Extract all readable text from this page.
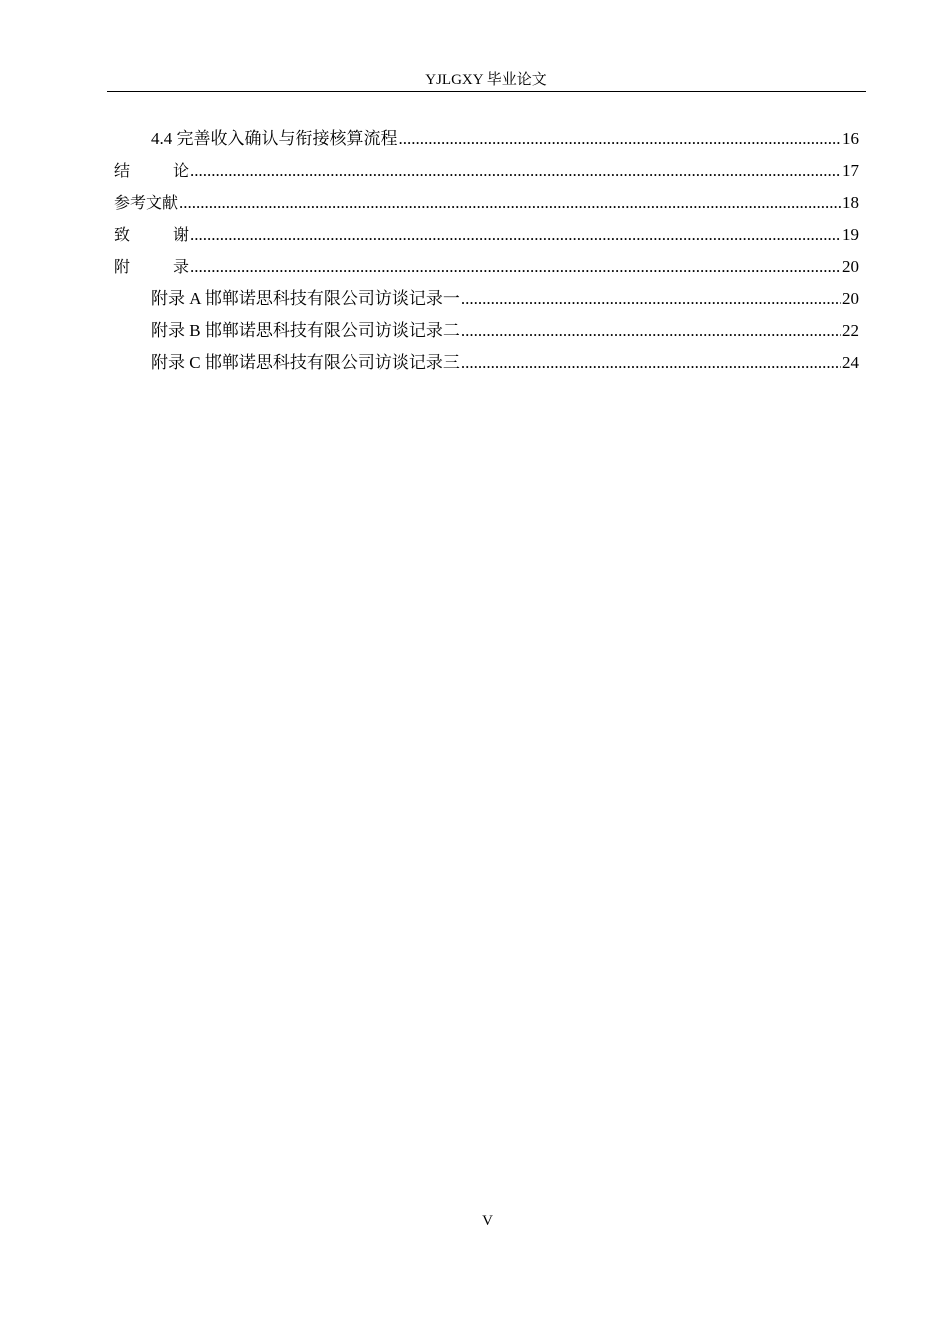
YJLGXY 毕业论文
4.4 完善收入确认与衔接核算流程 .....	16
结论 .....	17
参考文献 .....	18
致谢 .....	19
附录 .....	20
附录 A 邯郸诺思科技有限公司访谈记录一 .....	20
附录 B 邯郸诺思科技有限公司访谈记录二 .....	22
附录 C 邯郸诺思科技有限公司访谈记录三 .....	24
V
